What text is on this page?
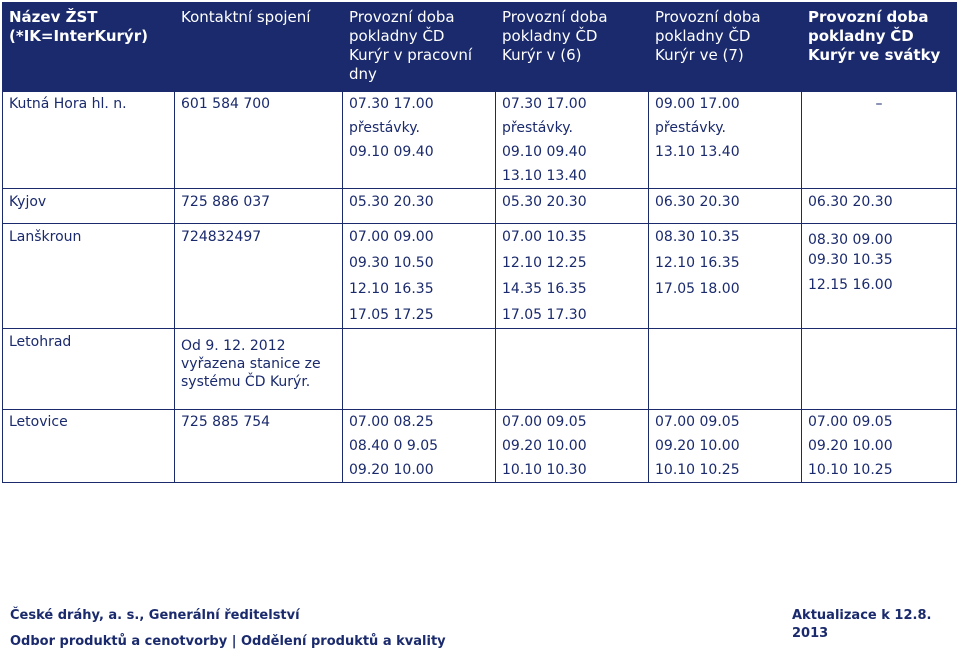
Název ŽST (*IK=InterKurýr)	Kontaktní spojení	Provozní doba pokladny ČD Kurýr v pracovní dny	Provozní doba pokladny ČD Kurýr v (6)	Provozní doba pokladny ČD Kurýr ve (7)	Provozní doba pokladny ČD Kurýr ve svátky

Kutná Hora hl. n.	601 584 700	07.30 17.00
přestávky.
09.10 09.40	07.30 17.00
přestávky.
09.10 09.40
13.10 13.40	09.00 17.00
přestávky.
13.10 13.40	–

Kyjov	725 886 037	05.30 20.30	05.30 20.30	06.30 20.30	06.30 20.30

Lanškroun	724832497	07.00 09.00
09.30 10.50
12.10 16.35
17.05 17.25	07.00 10.35
12.10 12.25
14.35 16.35
17.05 17.30	08.30 10.35
12.10 16.35
17.05 18.00	08.30 09.00
09.30 10.35
12.15 16.00

Letohrad	Od 9. 12. 2012
vyřazena stanice ze
systému ČD Kurýr.				

Letovice	725 885 754	07.00 08.25
08.40 0 9.05
09.20 10.00	07.00 09.05
09.20 10.00
10.10 10.30	07.00 09.05
09.20 10.00
10.10 10.25	07.00 09.05
09.20 10.00
10.10 10.25
České dráhy, a. s., Generální ředitelství
Odbor produktů a cenotvorby | Oddělení produktů a kvality
Aktualizace k 12.8. 2013
